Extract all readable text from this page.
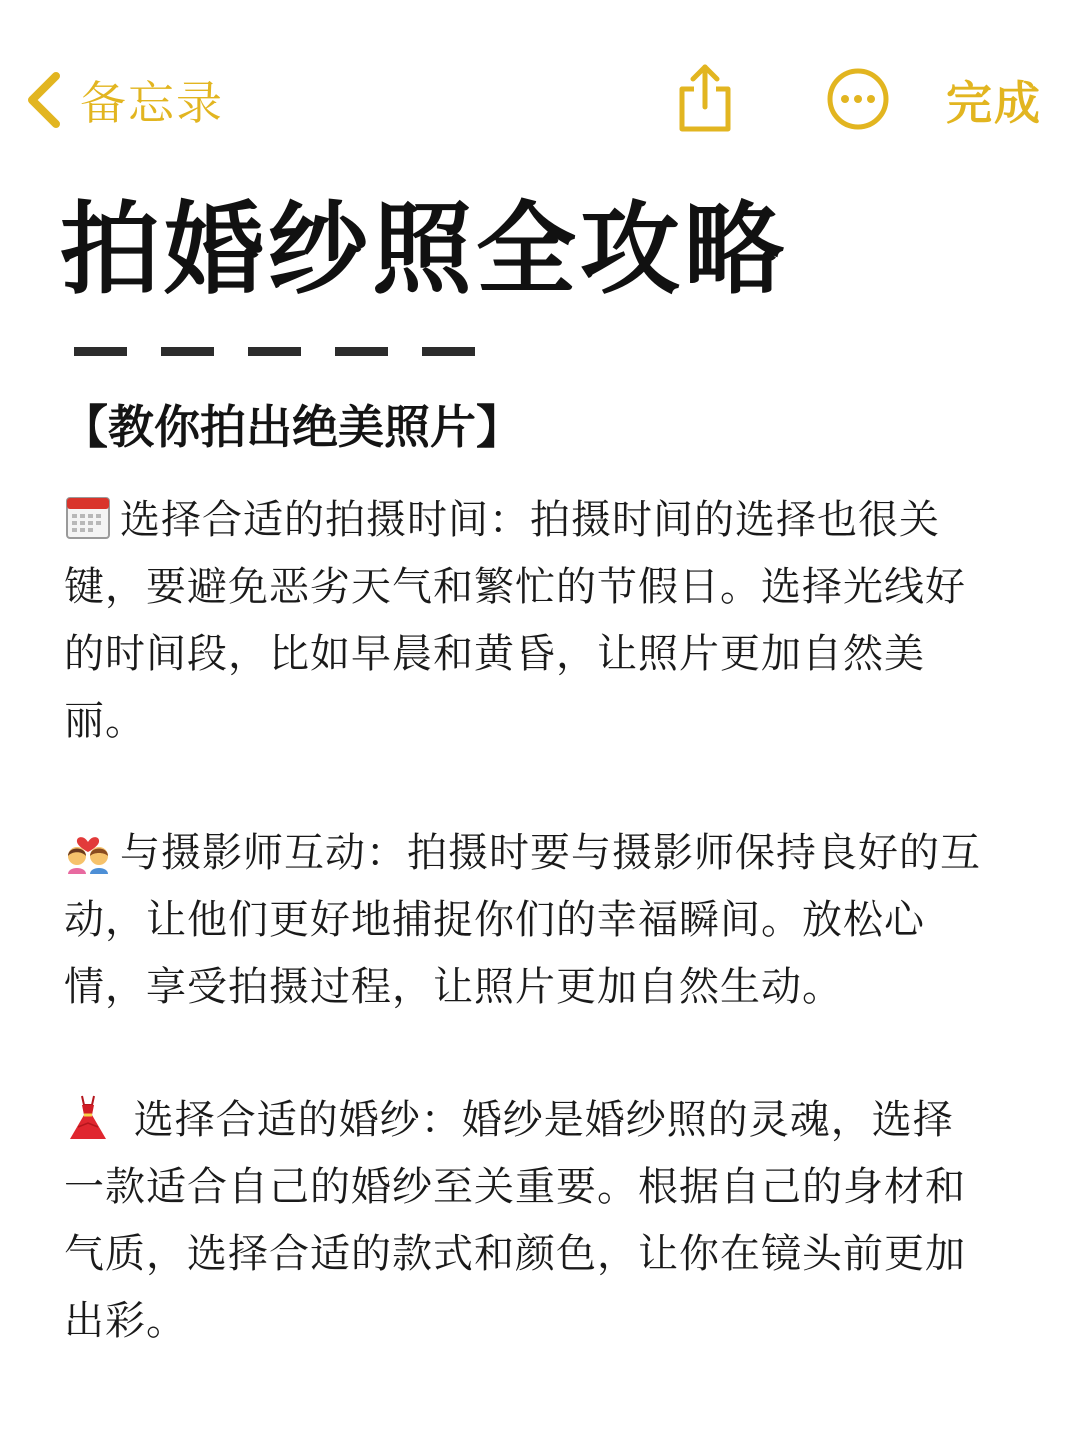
备忘录	完成
拍婚纱照全攻略
【教你拍出绝美照片】

选择合适的拍摄时间：拍摄时间的选择也很关键，要避免恶劣天气和繁忙的节假日。选择光线好的时间段，比如早晨和黄昏，让照片更加自然美丽。

与摄影师互动：拍摄时要与摄影师保持良好的互动，让他们更好地捕捉你们的幸福瞬间。放松心情，享受拍摄过程，让照片更加自然生动。

选择合适的婚纱：婚纱是婚纱照的灵魂，选择一款适合自己的婚纱至关重要。根据自己的身材和气质，选择合适的款式和颜色，让你在镜头前更加出彩。
